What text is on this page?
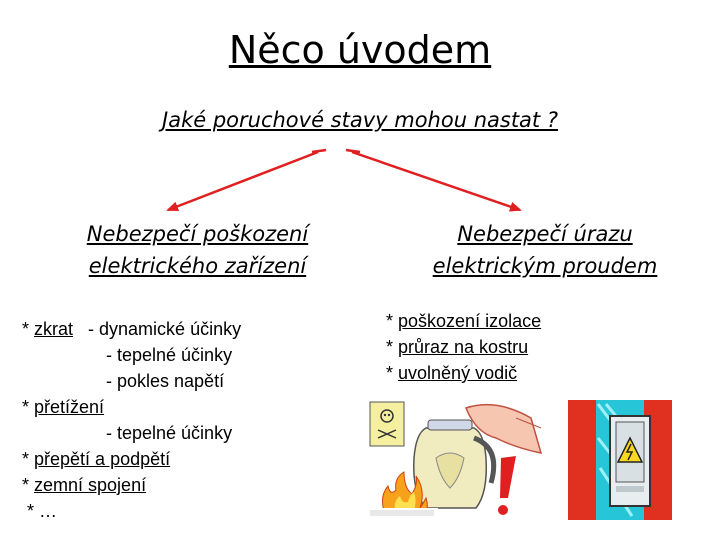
Něco úvodem
Jaké poruchové stavy mohou nastat ?
Nebezpečí poškození
elektrického zařízení
Nebezpečí úrazu
elektrickým proudem
* zkrat   - dynamické účinky
- tepelné účinky
- pokles napětí
* přetížení
- tepelné účinky
* přepětí a podpětí
* zemní spojení
* …
* poškození izolace
* průraz na kostru
* uvolněný vodič
